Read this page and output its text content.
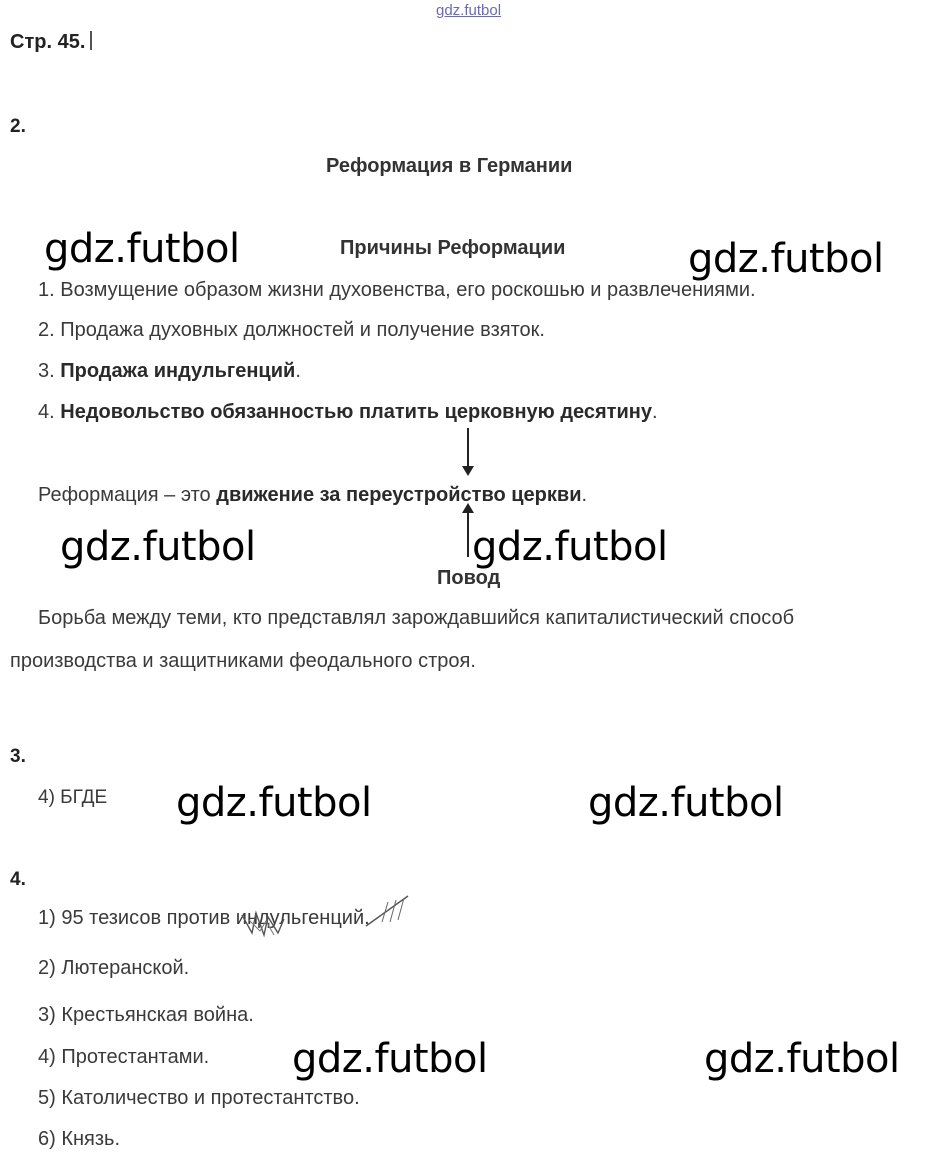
gdz.futbol
Стр. 45.
2.
Реформация в Германии
Причины Реформации
1. Возмущение образом жизни духовенства, его роскошью и развлечениями.
2. Продажа духовных должностей и получение взяток.
3. Продажа индульгенций.
4. Недовольство обязанностью платить церковную десятину.
Реформация – это движение за переустройство церкви.
Повод
Борьба между теми, кто представлял зарождавшийся капиталистический способ
производства и защитниками феодального строя.
3.
4) БГДЕ
4.
1) 95 тезисов против индульгенций.
2) Лютеранской.
3) Крестьянская война.
4) Протестантами.
5) Католичество и протестантство.
6) Князь.
gdz.futbol	gdz.futbol
gdz.futbol	gdz.futbol
gdz.futbol	gdz.futbol
gdz.futbol	gdz.futbol
